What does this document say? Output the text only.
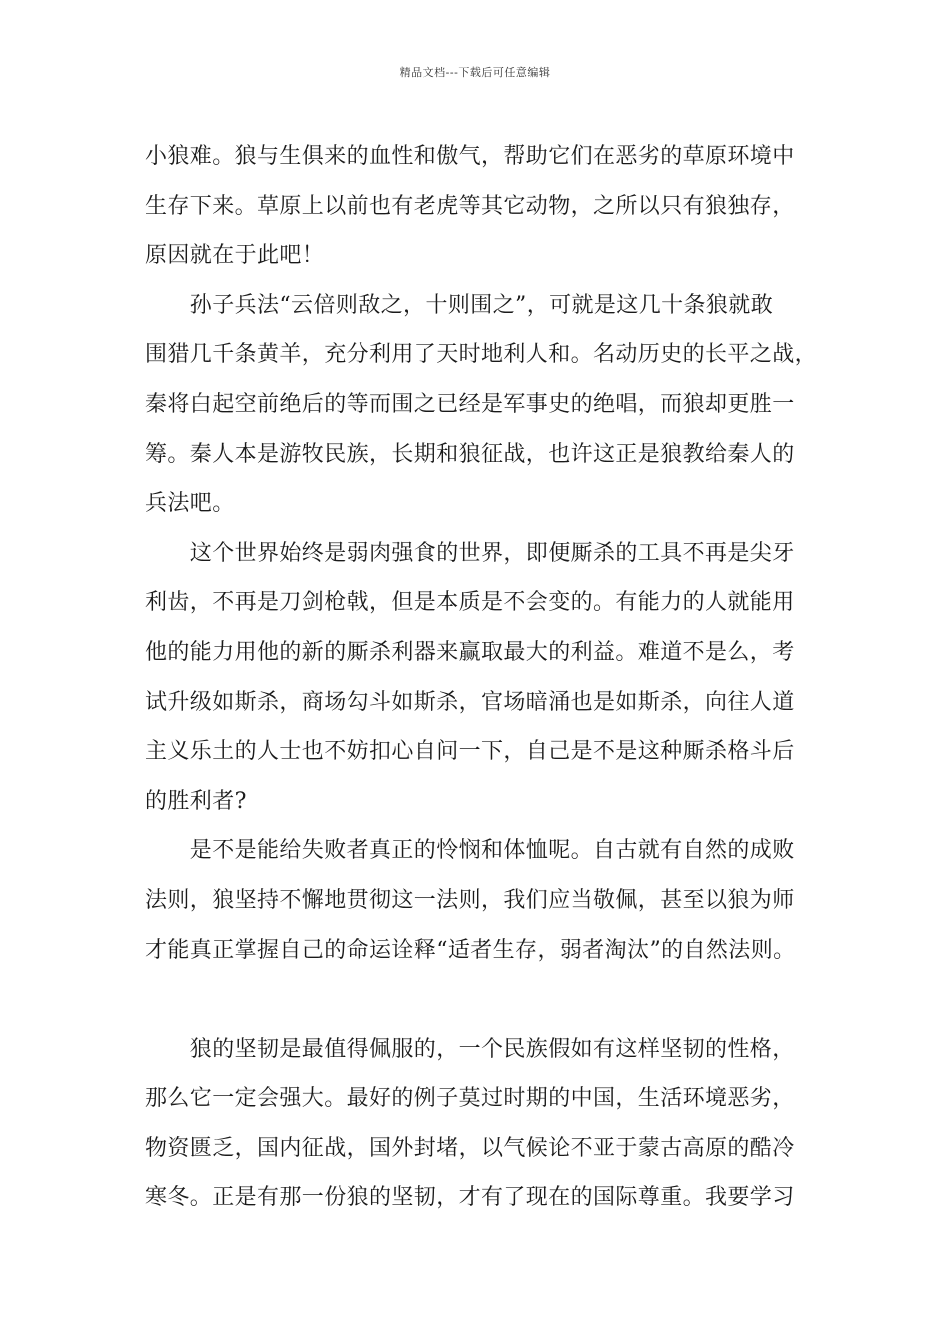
精品文档---下载后可任意编辑
小狼难。狼与生俱来的血性和傲气，帮助它们在恶劣的草原环境中
生存下来。草原上以前也有老虎等其它动物，之所以只有狼独存，
原因就在于此吧！
　　孙子兵法“云倍则敌之，十则围之”，可就是这几十条狼就敢
围猎几千条黄羊，充分利用了天时地利人和。名动历史的长平之战，
秦将白起空前绝后的等而围之已经是军事史的绝唱，而狼却更胜一
筹。秦人本是游牧民族，长期和狼征战，也许这正是狼教给秦人的
兵法吧。
　　这个世界始终是弱肉强食的世界，即便厮杀的工具不再是尖牙
利齿，不再是刀剑枪戟，但是本质是不会变的。有能力的人就能用
他的能力用他的新的厮杀利器来赢取最大的利益。难道不是么，考
试升级如斯杀，商场勾斗如斯杀，官场暗涌也是如斯杀，向往人道
主义乐土的人士也不妨扣心自问一下，自己是不是这种厮杀格斗后
的胜利者?
　　是不是能给失败者真正的怜悯和体恤呢。自古就有自然的成败
法则，狼坚持不懈地贯彻这一法则，我们应当敬佩，甚至以狼为师
才能真正掌握自己的命运诠释“适者生存，弱者淘汰”的自然法则。
　　狼的坚韧是最值得佩服的，一个民族假如有这样坚韧的性格，
那么它一定会强大。最好的例子莫过时期的中国，生活环境恶劣，
物资匮乏，国内征战，国外封堵，以气候论不亚于蒙古高原的酷冷
寒冬。正是有那一份狼的坚韧，才有了现在的国际尊重。我要学习
